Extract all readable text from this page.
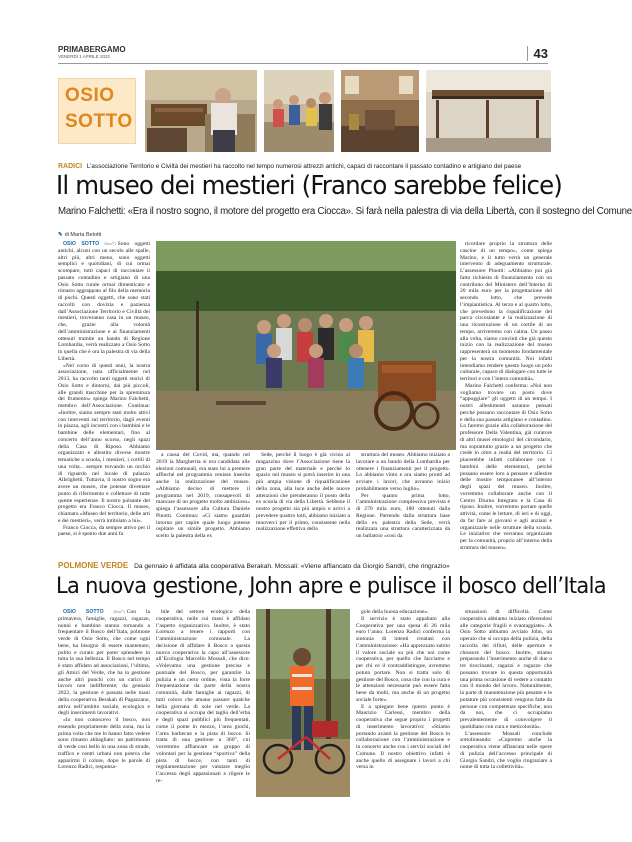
PRIMABERGAMO
VENERDÌ 1 APRILE 2022	43
OSIO
SOTTO
RADICI L’associazione Territorio e Civiltà dei mestieri ha raccolto nel tempo numerosi attrezzi antichi, capaci di raccontare il passato contadino e artigiano del paese
Il museo dei mestieri (Franco sarebbe felice)
Marino Falchetti: «Era il nostro sogno, il motore del progetto era Ciocca». Si farà nella palestra di via della Libertà, con il sostegno del Comune
✎ di Marta Belotti

OSIO SOTTO (bm7) Sono oggetti antichi, alcuni con un secolo alle spalle, altri più, altri meno, sono oggetti semplici e quotidiani, di cui ormai scompare, tutti capaci di raccontare il passato contadino e artigiano di una Osio Sotto rurale ormai dimenticato e rimasto aggrappato al filo della memoria di pochi. Questi oggetti, che sono stati raccolti con dovizia e pazienza dall’Associazione Territorio e Civiltà dei mestieri, troveranno casa in un museo, che, grazie alla volontà dell’amministrazione e ai finanziamenti ottenuti tramite un bando di Regione Lombardia, verrà realizzato a Osio Sotto in quella che è ora la palestra di via della Libertà.

«Nel corso di questi anni, la nostra associazione, nata ufficialmente nel 2013, ha raccolto tanti oggetti storici di Osio Sotto e dintorni, dai più piccoli, alle grandi macchine per la spremitura del frumento» spiega Marino Falchetti, membro dell’Associazione. Continua: «Inoltre, siamo sempre stati molto attivi con interventi sul territorio, dagli eventi in piazza, agli incontri con i bambini e le bambine delle elementari, fino al concerto dell’anno scorso, negli spazi della Casa di Riposo. Abbiamo organizzato e allestito diverse mostre tematiche a scuola, i mestieri, i cortili di una volta... sempre trovando un occhio di riguardo nel locale di palazzo Albrighetti. Tuttavia, il nostro sogno era avere un museo, che potesse diventare punto di riferimento e collettore di tutte queste esperienze. Il nostro pulsante del progetto era Franco Ciocca. Il museo, chiamato «Museo del territorio, delle arti e dei mestieri», verrà intitolato a lui».

Franco Ciocca, da sempre attivo per il paese, si è spento due anni fa

a causa del Covid, ma, quando nel 2019 la Margherita si era candidata alle elezioni comunali, era stato lui a premere affinché nel programma venisse inserita anche la realizzazione del museo. «Abbiamo deciso di mettere il programma nel 2019, consapevoli di mancare di un progetto molto ambizioso» spiega l’assessore alla Cultura Daniele Pinotti. Continua: «Ci siamo guardati intorno per capire quale luogo potesse ospitare un simile progetto. Abbiamo scelto la palestra della ex

Sede, perché il luogo è già vicino al magazzino dove l’Associazione tiene la gran parte del materiale e perché lo spazio nel museo si potrà inserire in una più ampia visione di riqualificazione della zona, alla luce anche delle nuove attenzioni che prenderanno il posto della ex scuola di via della Libertà. Sebbene il nostro progetto sia più ampio e arrivi a prevedere quattro lotti, abbiamo iniziato a muoverci per il primo, consistente nella realizzazione effettiva della

struttura del museo. Abbiamo iniziato a lavorare a un bando della Lombardia per ottenere i finanziamenti per il progetto. Lo abbiamo vinto e ora siamo pronti ad avviare i lavori, che avranno inizio probabilmente verso luglio».

Per quanto prima lotto, l’amministrazione complessiva prevista è di 270 mila euro, 180 ottenuti dalla Regione. Partendo dalla struttura base della ex palestra della Sede, verrà realizzata una struttura caratterizzata da un ballatoio «così da

ricordare proprio la struttura delle cascine di un tempo», come spiega Marino, e il tutto verrà un generale intervento di adeguamento strutturale. L’assessore Pinotti: «Abbiamo poi già fatto richiesta di finanziamento con un contributo del Ministero dell’Interno di 20 mila euro per la progettazione del secondo lotto, che prevede l’impiantistica. Al terzo e al quarto lotto, che prevedono la riqualificazione del parco circostante e la realizzazione di una ricostruzione di un cortile di un tempo, arriveremo con calma. Un passo alla volta, siamo convinti che già questo inizio con la realizzazione del museo rappresenterà un momento fondamentale per la nostra comunità. Noi infatti intendiamo rendere questo luogo un polo culturale, capace di dialogare con tutte le territori e con l’intera comunità».

Marino Falchetti conferma: «Noi non vogliamo trovare un posto dove “appoggiare” gli oggetti di un tempo. I nostri allestimenti saranno pensati perché possano raccontare di Osio Sotto e della sua passata artigiano e contadino. Lo faremo grazie alla collaborazione del professore Della Valentina, già curatore di altri musei etnologici del circondario, ma soprattutto grazie a un progetto che crede in oltre a realtà del territorio. Ci piacerebbe infatti collaborare con i bambini delle elementari, perché possano essere loro a pensare e allestire delle mostre temporanee all’interno degli spazi del museo. Inoltre, vorremmo collaborare anche con il Centro Diurno Integrato e la Casa di riposo. Inoltre, vorremmo portare quelle attività, come le letture, di ieri e di oggi, da far fare ai giovani e agli anziani e organizzarle nelle strutture della scuola. Le iniziative che verranno organizzate per la comunità, proprio all’interno della struttura del museo».

POLMONE VERDE Da gennaio è affidata alla cooperativa Berakah. Mossali: «Viene affiancato da Giorgio Sandri, che ringrazio»
La nuova gestione, John apre e pulisce il bosco dell’Itala

OSIO SOTTO (bm7) Con la primavera, famiglie, ragazzi, ragazze, nonni e bambine stanno tornando a frequentare il Bosco dell’Itala, polmone verde di Osio Sotto, che come ogni bene, ha bisogno di essere mantenuto, pulito e curato per poter splendere in tutta la sua bellezza. Il Bosco nel tempo è stato affidato ad associazioni, l’ultima, gli Amici del Verde, che ha in gestione anche altri punchi con un carico di lavoro non indifferente; da gennaio 2022, la gestione è passata nelle mani della cooperativa Berakah di Pagazzano, attiva nell’ambito sociale, ecologico e degli inserimenti lavorativi.

«Io non conoscevo il bosco, non essendo propriamente della zona, ma la prima volta che me lo hanno fatto vedere sono rimasto abbagliato: un patrimonio di verde così bello in una zona di strade, traffico e centri urbani non poteva che apparirmi il colore, dopo le parole di Lorenzo Radici, responsa-

bile del settore ecologico della cooperativa, nelle cui mani è affidato l’aspetto organizzativo. Inoltre, è stato Lorenzo a tenere i rapporti con l’amministrazione comunale. La decisione di affidare il Bosco a questa nuova cooperativa la capo all’assessore all’Ecologia Marcello Mossali, che dice: «Volevamo una gestione precisa e puntuale del Bosco, per garantire la pulizia e un certo ordine, vista la forte frequentazione da parte della nostra comunità, dalle famiglie ai ragazzi, di tutti coloro che amano passare qualche bella giornata di sole nel verde. La cooperativa si occupa del taglio dell’erba e degli spazi pubblici più frequentati, come il ponte in mezzo, l’area giochi, l’area barbecue e la pista di bocce. Si tratta di una gestione a 360°, cui vorremmo affiancare un gruppo di volontari per la gestione “sportiva” della pista di bocce, con tanti di regolamentazione per valutare meglio l’accesso degli appassionati e rilgere le re-

gole della buona educazione».

Il servizio è stato appaltato alla Cooperativa per una spesa di 26 mila euro l’anno. Lorenzo Radici conferma la sintonia di intenti creatasi con l’amministrazione: «Ha apprezzato subito il valore sociale su più che noi come cooperativa, per quello che facciamo e per chi ce il contraddistingue, avremmo potuto portare. Non si tratta solo di gestione del Bosco, cosa che con la cura e le attenzioni necessarie può essere fatta bene da molti, ma anche di un progetto sociale forte».

E a spiegare bene questo punto è Maurizio Carlessi, membro della cooperativa che segue proprio i progetti di inserimento lavorativo: «Stiamo portando avanti la gestione del Bosco in collaborazione con l’amministrazione e in concerto anche con i servizi sociali del Comune. Il nostro obiettivo infatti è anche quello di assegnare i lavori a chi versa in

situazioni di difficoltà. Come cooperativa abbiamo iniziato riferendosi alle categorie fragili e svantaggiate». A Osio Sotto abbiamo avviato John, un operaio che si occupa della pulizia, della raccolta dei rifiuti, delle aperture e chiusure del bosco. Inoltre, stiamo preparando l’inserimento anche di due o tre tirocinanti, ragazzi e ragazze che possano trovare in questa opportunità una prima occasione di vedere a contatto con il mondo del lavoro. Naturalmente, la parte di manutenzione più pesante e le potature più consistenti vengono fatte da persone con competenze specifiche, non da noi, che ci occupiamo prevalentemente di coinvolgere il quotidiano con cura e meticolosità».

L’assessore Mossali conclude sottolineando: «Copremo anche la cooperativa viene affiancata nelle opere di pulizia dell’accesso principale di Giorgio Sandri, che voglio ringraziare a nome di tutta la collettività».
